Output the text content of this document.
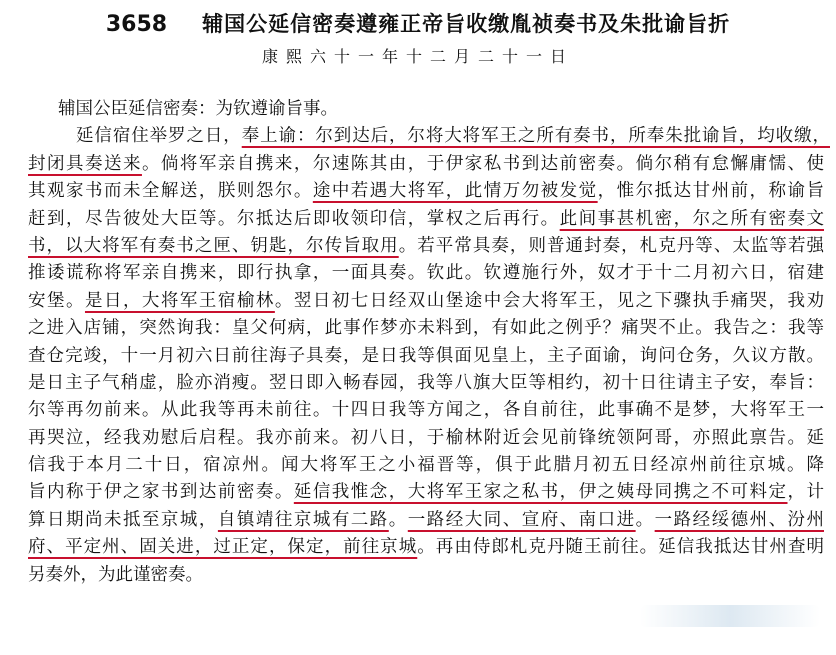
3658 辅国公延信密奏遵雍正帝旨收缴胤祯奏书及朱批谕旨折
康熙六十一年十二月二十一日
辅国公臣延信密奏：为钦遵谕旨事。
延信宿住举罗之日，奉上谕：尔到达后，尔将大将军王之所有奏书，所奉朱批谕旨，均收缴，
封闭具奏送来。倘将军亲自携来，尔速陈其由，于伊家私书到达前密奏。倘尔稍有怠懈庸懦、使
其观家书而未全解送，朕则怨尔。途中若遇大将军，此情万勿被发觉，惟尔抵达甘州前，称谕旨
赶到，尽告彼处大臣等。尔抵达后即收领印信，掌权之后再行。此间事甚机密，尔之所有密奏文
书，以大将军有奏书之匣、钥匙，尔传旨取用。若平常具奏，则普通封奏，札克丹等、太监等若强
推诿谎称将军亲自携来，即行执拿，一面具奏。钦此。钦遵施行外，奴才于十二月初六日，宿建
安堡。是日，大将军王宿榆林。翌日初七日经双山堡途中会大将军王，见之下骤执手痛哭，我劝
之进入店铺，突然询我：皇父何病，此事作梦亦未料到，有如此之例乎？痛哭不止。我告之：我等
查仓完竣，十一月初六日前往海子具奏，是日我等俱面见皇上，主子面谕，询问仓务，久议方散。
是日主子气稍虚，脸亦消瘦。翌日即入畅春园，我等八旗大臣等相约，初十日往请主子安，奉旨：
尔等再勿前来。从此我等再未前往。十四日我等方闻之，各自前往，此事确不是梦，大将军王一
再哭泣，经我劝慰后启程。我亦前来。初八日，于榆林附近会见前锋统领阿哥，亦照此禀告。延
信我于本月二十日，宿凉州。闻大将军王之小福晋等，俱于此腊月初五日经凉州前往京城。降
旨内称于伊之家书到达前密奏。延信我惟念，大将军王家之私书，伊之姨母同携之不可料定，计
算日期尚未抵至京城，自镇靖往京城有二路。一路经大同、宣府、南口进。一路经绥德州、汾州
府、平定州、固关进，过正定，保定，前往京城。再由侍郎札克丹随王前往。延信我抵达甘州查明
另奏外，为此谨密奏。
